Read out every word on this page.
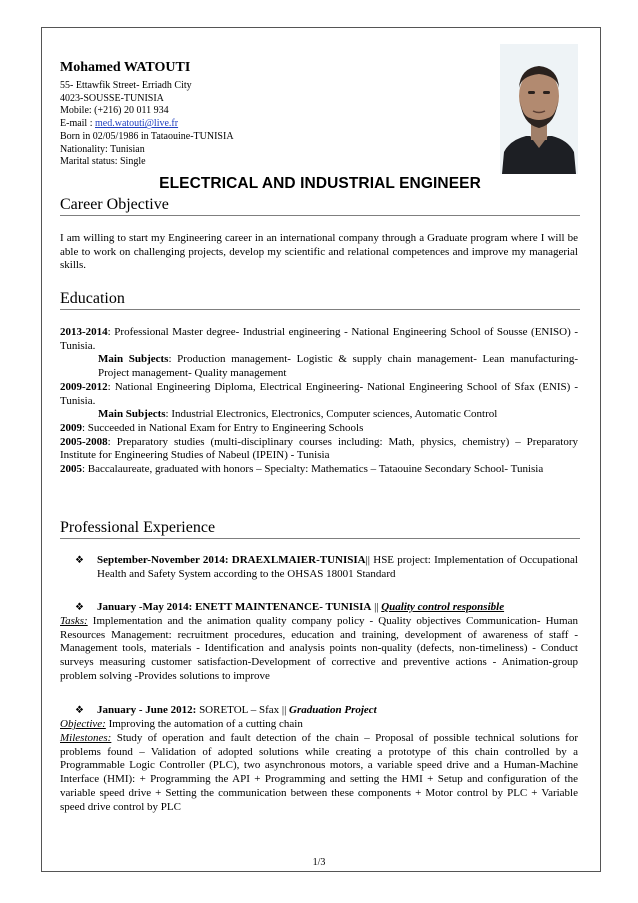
Mohamed WATOUTI
55- Ettawfik Street- Erriadh City
4023-SOUSSE-TUNISIA
Mobile: (+216) 20 011 934
E-mail : med.watouti@live.fr
Born in 02/05/1986 in Tataouine-TUNISIA
Nationality: Tunisian
Marital status: Single
ELECTRICAL AND INDUSTRIAL ENGINEER
Career Objective
I am willing to start my Engineering career in an international company through a Graduate program where I will be able to work on challenging projects, develop my scientific and relational competences and improve my managerial skills.
Education
2013-2014: Professional Master degree- Industrial engineering - National Engineering School of Sousse (ENISO) -Tunisia.
Main Subjects: Production management- Logistic & supply chain management- Lean manufacturing- Project management- Quality management
2009-2012: National Engineering Diploma, Electrical Engineering- National Engineering School of Sfax (ENIS) -Tunisia.
Main Subjects: Industrial Electronics, Electronics, Computer sciences, Automatic Control
2009: Succeeded in National Exam for Entry to Engineering Schools
2005-2008: Preparatory studies (multi-disciplinary courses including: Math, physics, chemistry) – Preparatory Institute for Engineering Studies of Nabeul (IPEIN) - Tunisia
2005: Baccalaureate, graduated with honors – Specialty: Mathematics – Tataouine Secondary School- Tunisia
Professional Experience
❖	September-November 2014: DRAEXLMAIER-TUNISIA|| HSE project: Implementation of Occupational Health and Safety System according to the OHSAS 18001 Standard
❖	January -May 2014: ENETT MAINTENANCE- TUNISIA || Quality control responsible
Tasks: Implementation and the animation quality company policy - Quality objectives Communication- Human Resources Management: recruitment procedures, education and training, development of awareness of staff -Management tools, materials - Identification and analysis points non-quality (defects, non-timeliness) - Conduct surveys measuring customer satisfaction-Development of corrective and preventive actions - Animation-group problem solving -Provides solutions to improve
❖	January - June 2012: SORETOL – Sfax || Graduation Project
Objective: Improving the automation of a cutting chain
Milestones: Study of operation and fault detection of the chain – Proposal of possible technical solutions for problems found – Validation of adopted solutions while creating a prototype of this chain controlled by a Programmable Logic Controller (PLC), two asynchronous motors, a variable speed drive and a Human-Machine Interface (HMI): + Programming the API + Programming and setting the HMI + Setup and configuration of the variable speed drive + Setting the communication between these components + Motor control by PLC + Variable speed drive control by PLC
1/3
